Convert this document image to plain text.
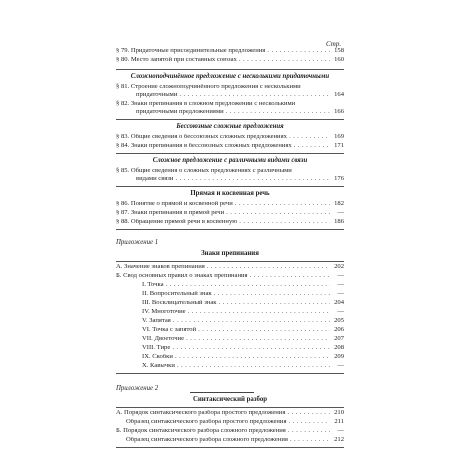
Стр.
§ 79. Придаточные присоединительные предложения . . .	158
§ 80. Место запятой при составных союзах . . .	160
Сложноподчинённое предложение с несколькими придаточными
§ 81. Строение сложноподчинённого предложения с несколькими
придаточными . . .	164
§ 82. Знаки препинания в сложном предложении с несколькими
придаточными предложениями . . .	166
Бессоюзные сложные предложения
§ 83. Общие сведения о бессоюзных сложных предложениях . . .	169
§ 84. Знаки препинания в бессоюзных сложных предложениях . . .	171
Сложное предложение с различными видами связи
§ 85. Общие сведения о сложных предложениях с различными
видами связи . . .	176
Прямая и косвенная речь
§ 86. Понятие о прямой и косвенной речи . . .	182
§ 87. Знаки препинания в прямой речи . . .	—
§ 88. Обращение прямой речи в косвенную . . .	186
Приложение 1
Знаки препинания
А. Значение знаков препинания . . .	202
Б. Свод основных правил о знаках препинания . . .	—
I. Точка . . .	—
II. Вопросительный знак . . .	—
III. Восклицательный знак . . .	204
IV. Многоточие . . .	—
V. Запятая . . .	205
VI. Точка с запятой . . .	206
VII. Двоеточие . . .	207
VIII. Тире . . .	208
IX. Скобки . . .	209
X. Кавычки . . .	—
Приложение 2
Синтаксический разбор
А. Порядок синтаксического разбора простого предложения . . .	210
Образец синтаксического разбора простого предложения . . .	211
Б. Порядок синтаксического разбора сложного предложения . . .	—
Образец синтаксического разбора сложного предложения . . .	212
